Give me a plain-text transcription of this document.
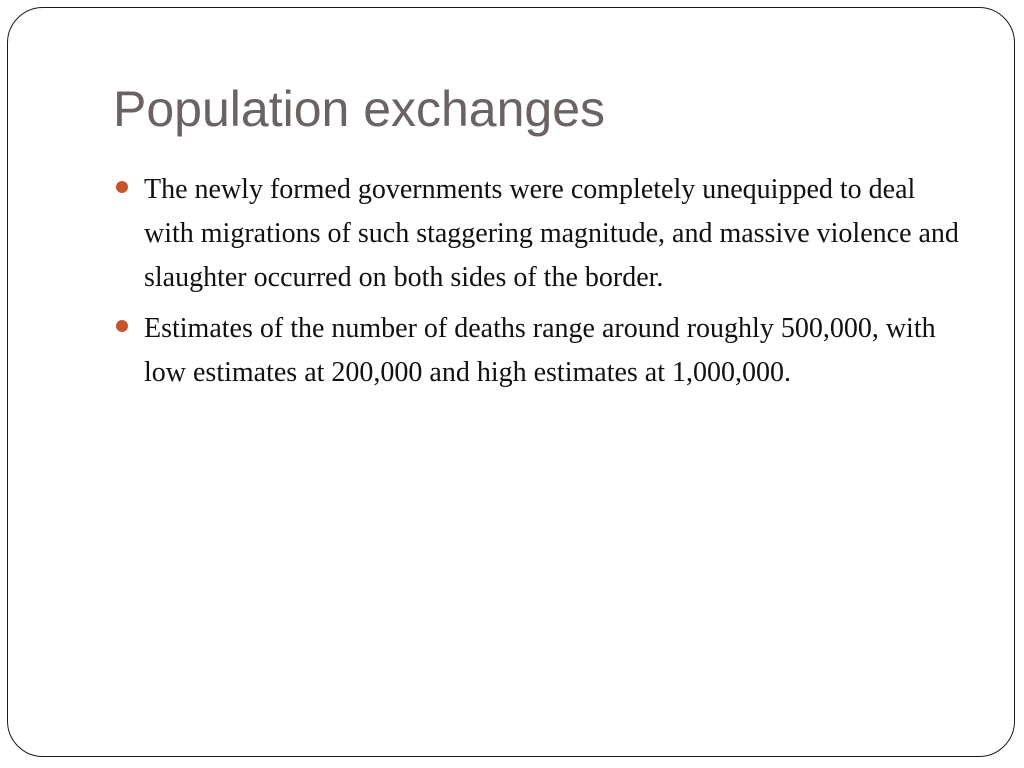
Population exchanges
The newly formed governments were completely unequipped to deal with migrations of such staggering magnitude, and massive violence and slaughter occurred on both sides of the border.
Estimates of the number of deaths range around roughly 500,000, with low estimates at 200,000 and high estimates at 1,000,000.
